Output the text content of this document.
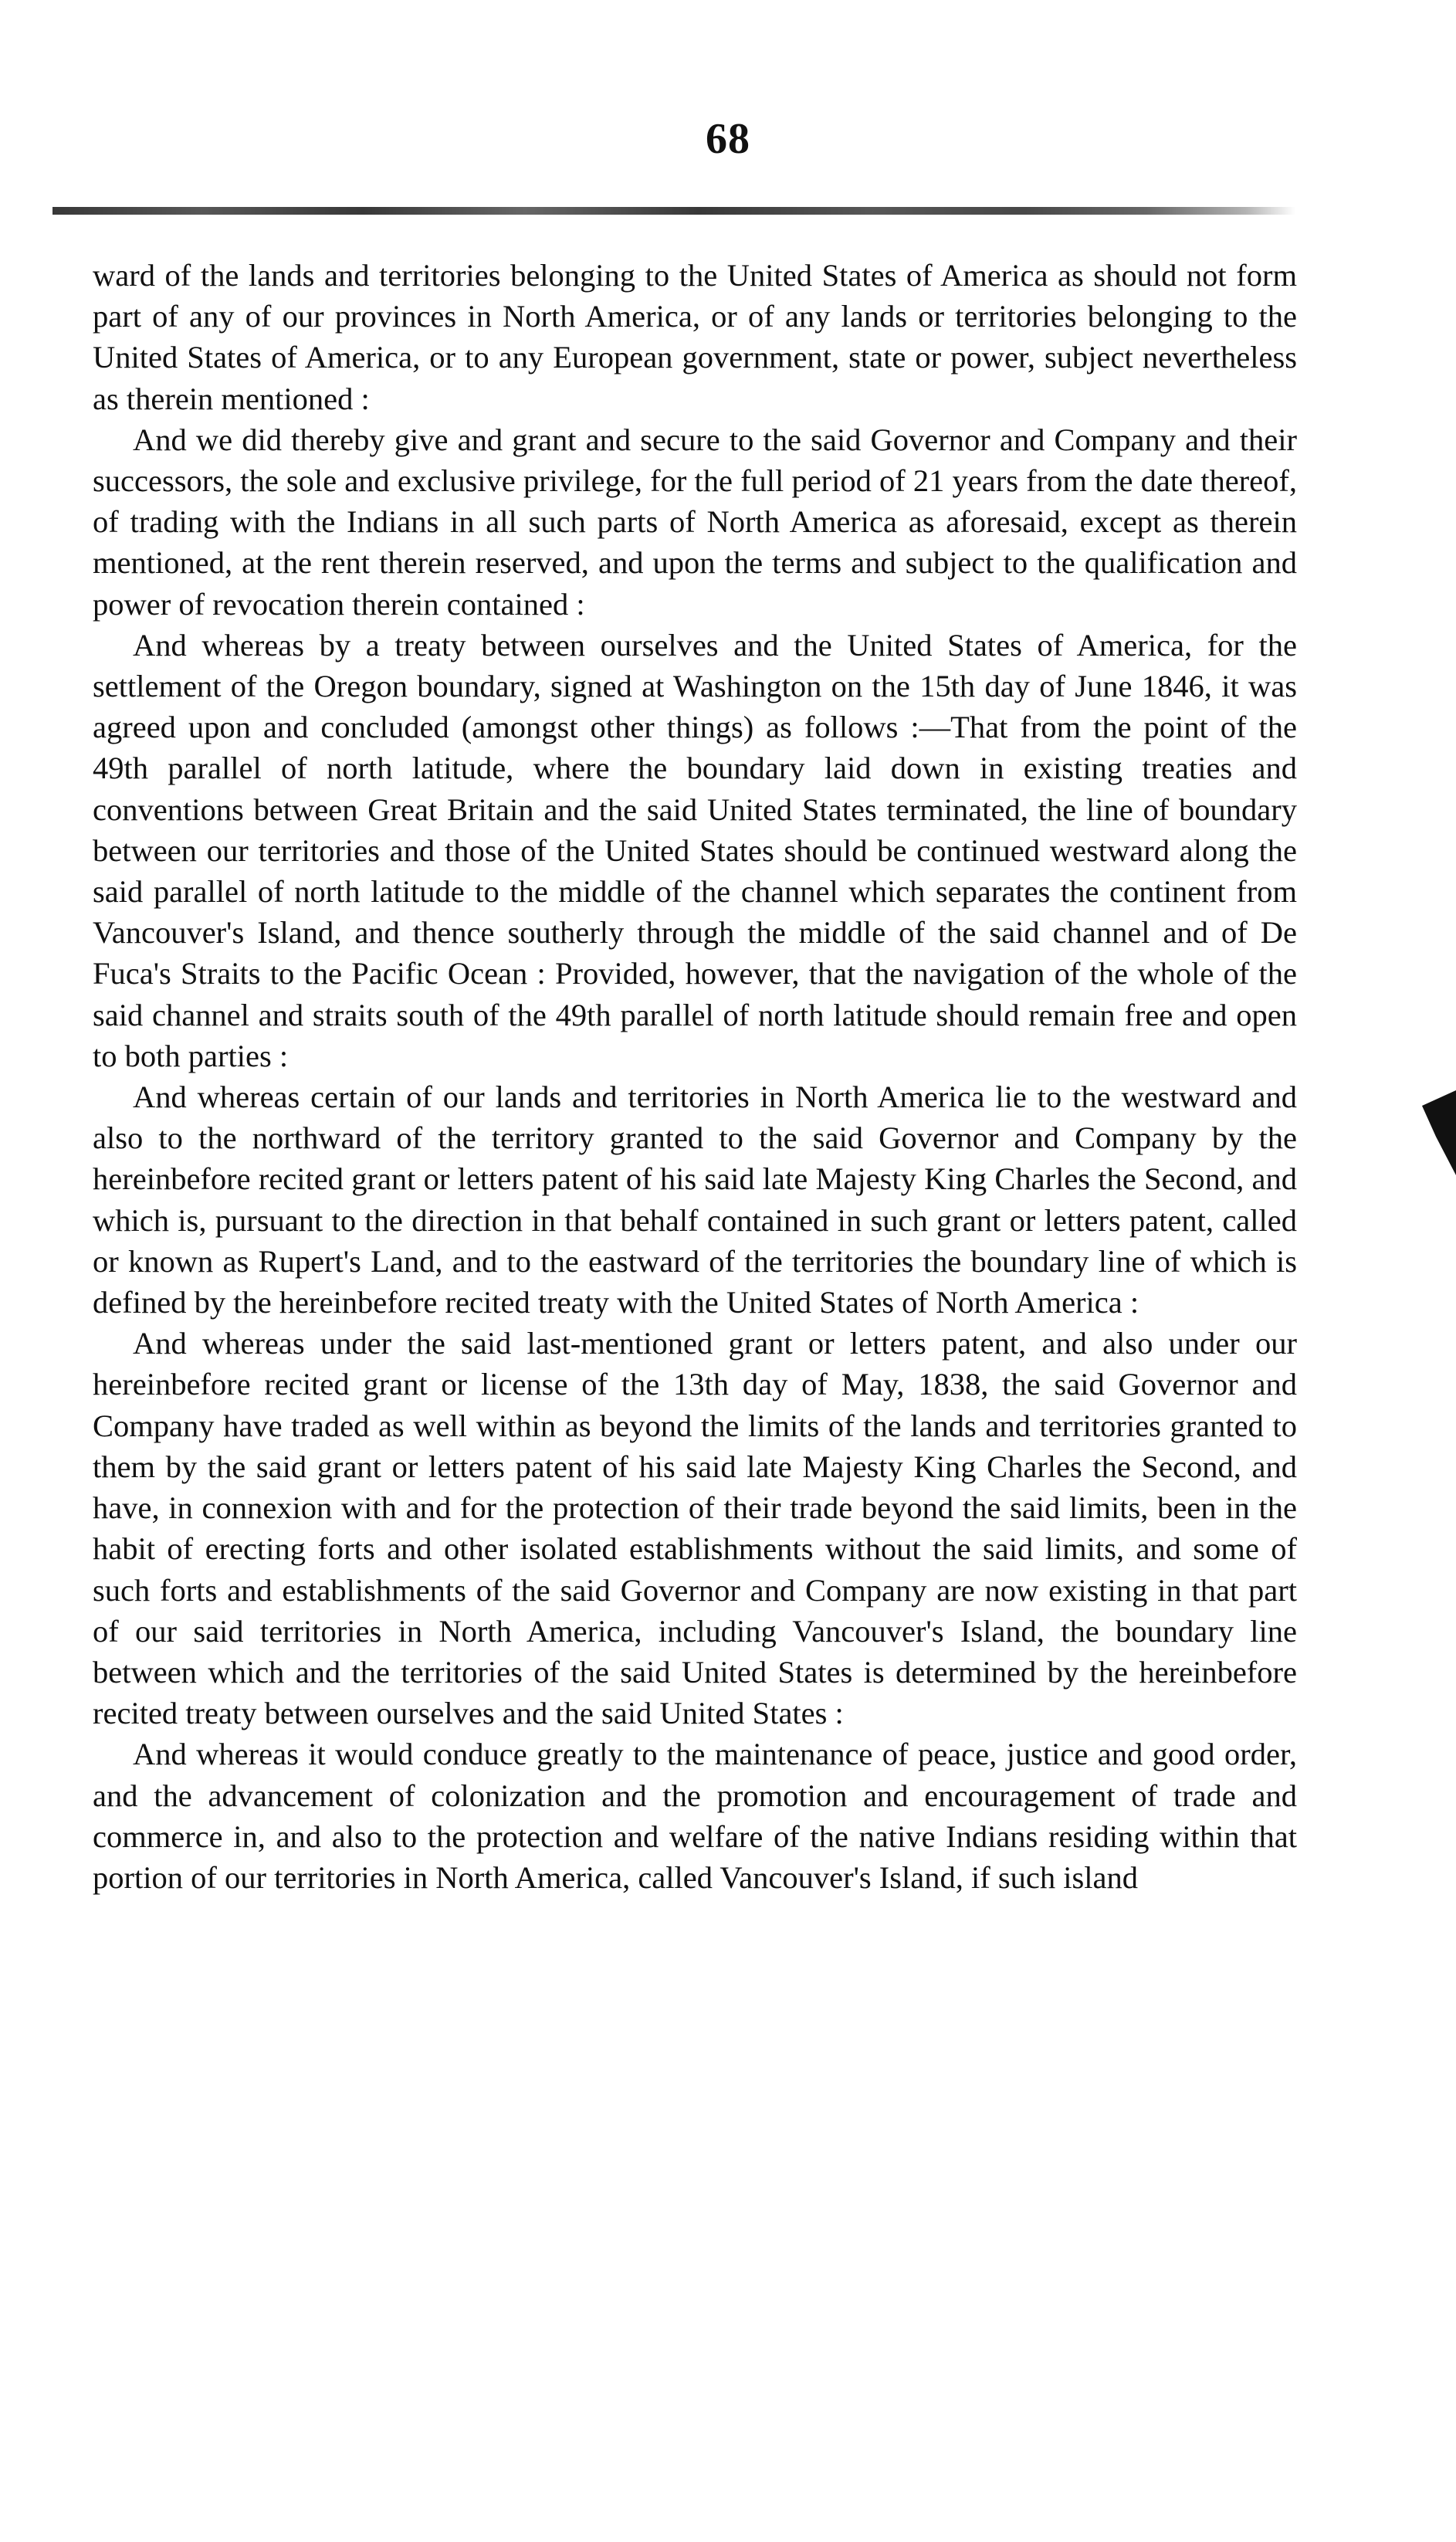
68

ward of the lands and territories belonging to the United States of America as should not form part of any of our provinces in North America, or of any lands or territories belonging to the United States of America, or to any European government, state or power, subject nevertheless as therein mentioned :

And we did thereby give and grant and secure to the said Governor and Company and their successors, the sole and exclusive privilege, for the full period of 21 years from the date thereof, of trading with the Indians in all such parts of North America as aforesaid, except as therein mentioned, at the rent therein reserved, and upon the terms and subject to the qualification and power of revocation therein contained :

And whereas by a treaty between ourselves and the United States of America, for the settlement of the Oregon boundary, signed at Washington on the 15th day of June 1846, it was agreed upon and concluded (amongst other things) as follows :—That from the point of the 49th parallel of north latitude, where the boundary laid down in existing treaties and conventions between Great Britain and the said United States terminated, the line of boundary between our territories and those of the United States should be continued westward along the said parallel of north latitude to the middle of the channel which separates the continent from Vancouver's Island, and thence southerly through the middle of the said channel and of De Fuca's Straits to the Pacific Ocean : Provided, however, that the navigation of the whole of the said channel and straits south of the 49th parallel of north latitude should remain free and open to both parties :

And whereas certain of our lands and territories in North America lie to the westward and also to the northward of the territory granted to the said Governor and Company by the hereinbefore recited grant or letters patent of his said late Majesty King Charles the Second, and which is, pursuant to the direction in that behalf contained in such grant or letters patent, called or known as Rupert's Land, and to the eastward of the territories the boundary line of which is defined by the hereinbefore recited treaty with the United States of North America :

And whereas under the said last-mentioned grant or letters patent, and also under our hereinbefore recited grant or license of the 13th day of May, 1838, the said Governor and Company have traded as well within as beyond the limits of the lands and territories granted to them by the said grant or letters patent of his said late Majesty King Charles the Second, and have, in connexion with and for the protection of their trade beyond the said limits, been in the habit of erecting forts and other isolated establishments without the said limits, and some of such forts and establishments of the said Governor and Company are now existing in that part of our said territories in North America, including Vancouver's Island, the boundary line between which and the territories of the said United States is determined by the hereinbefore recited treaty between ourselves and the said United States :

And whereas it would conduce greatly to the maintenance of peace, justice and good order, and the advancement of colonization and the promotion and encouragement of trade and commerce in, and also to the protection and welfare of the native Indians residing within that portion of our territories in North America, called Vancouver's Island, if such island
